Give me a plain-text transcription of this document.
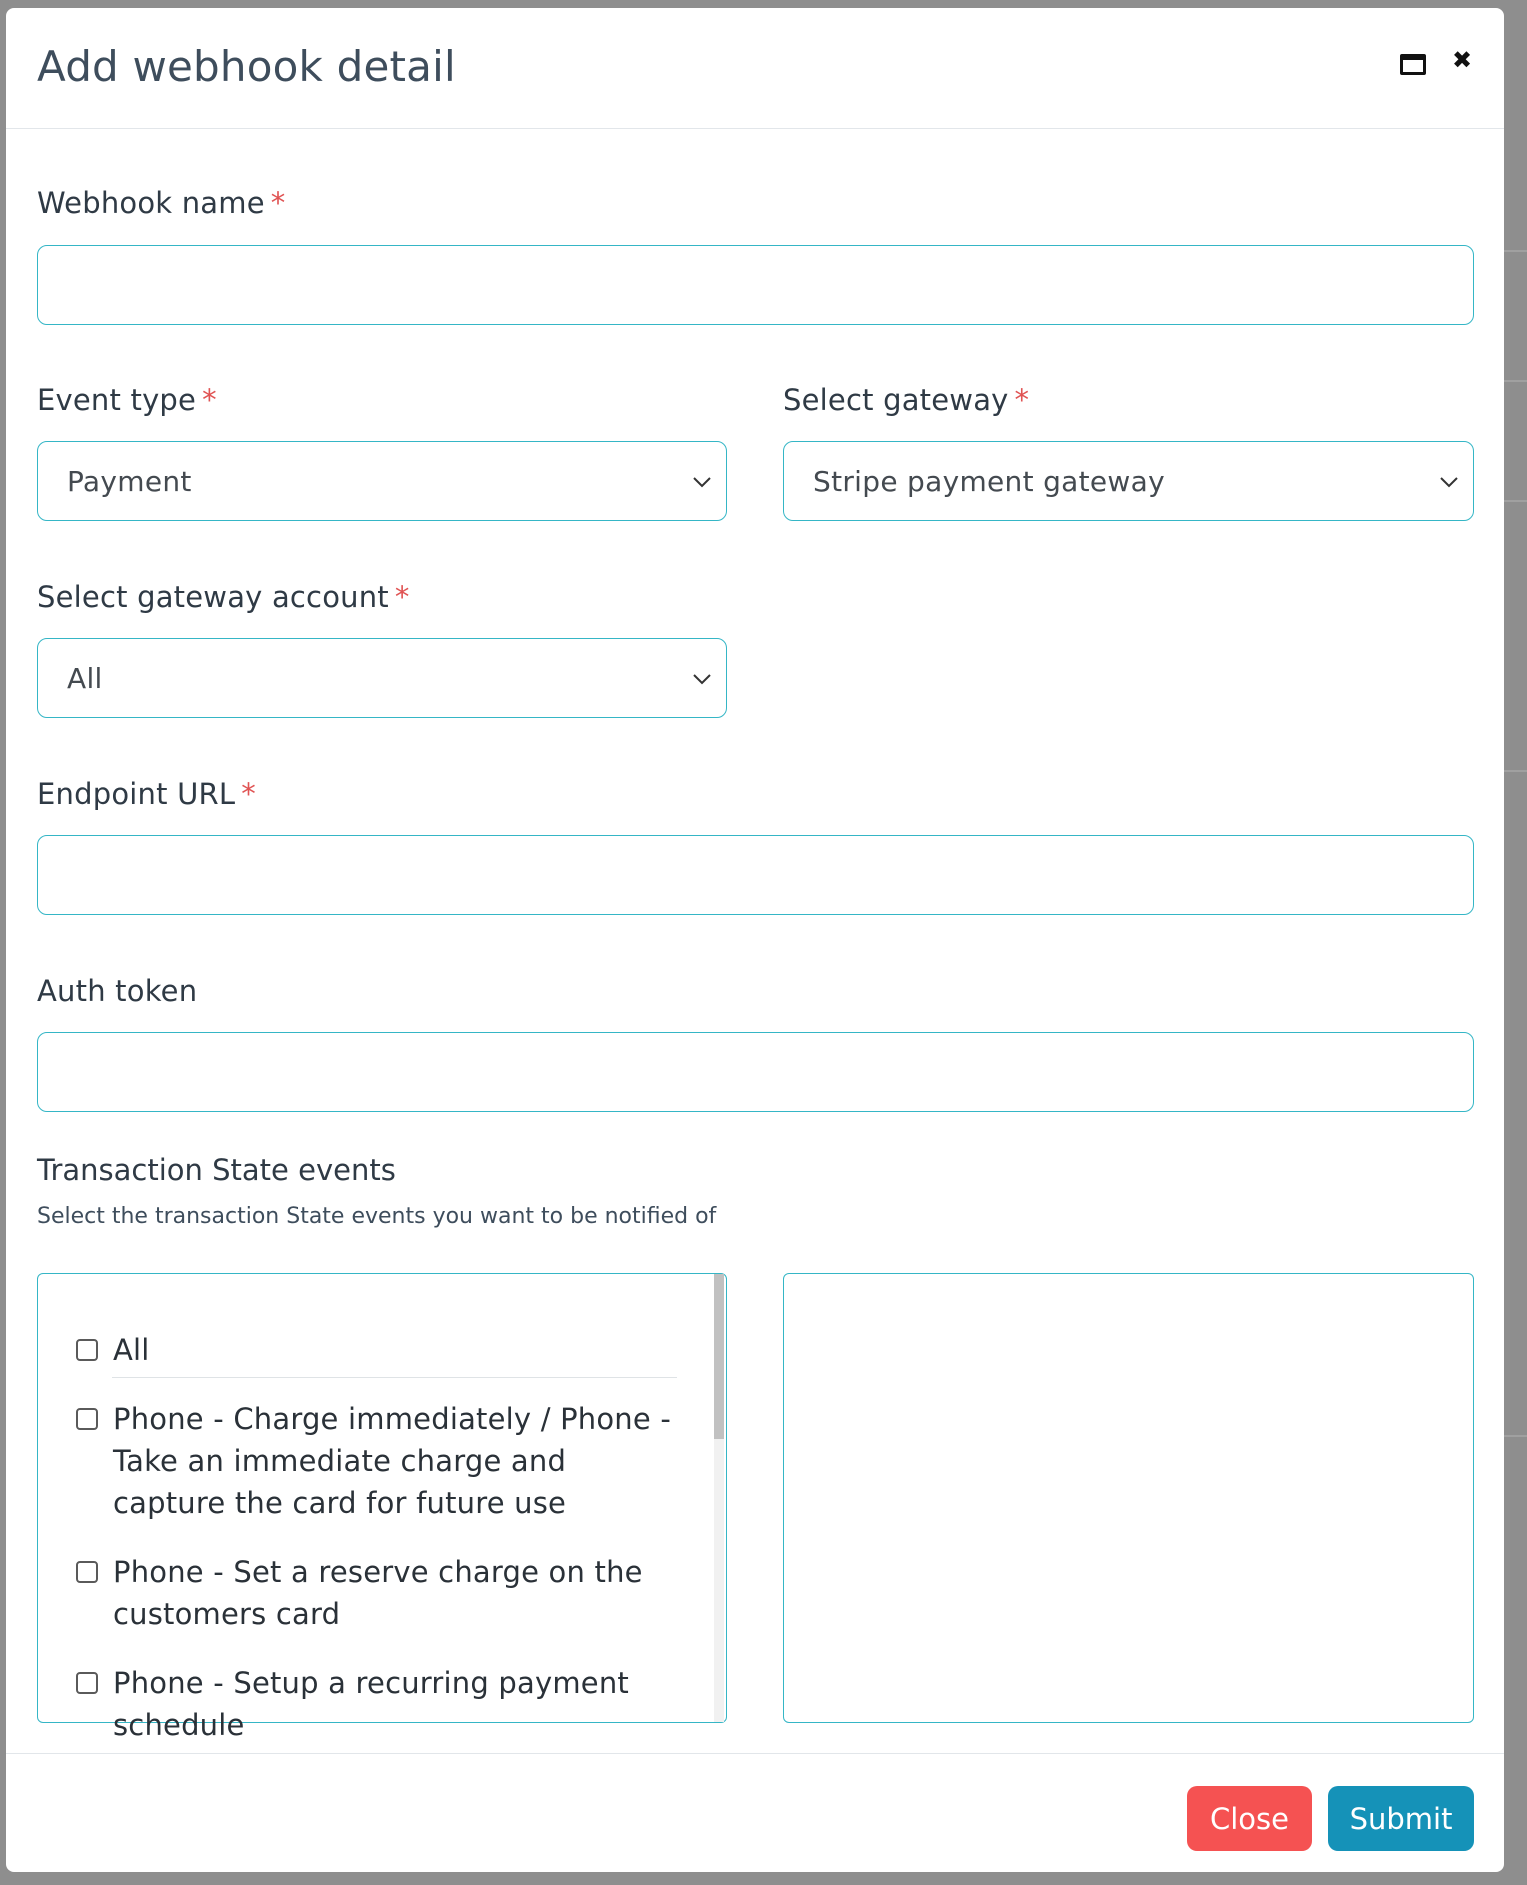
Add webhook detail	✖
Webhook name *
Event type *
Payment
Select gateway *
Stripe payment gateway
Select gateway account *
All
Endpoint URL *
Auth token
Transaction State events
Select the transaction State events you want to be notified of
All
Phone - Charge immediately / Phone - Take an immediate charge and capture the card for future use
Phone - Set a reserve charge on the customers card
Phone - Setup a recurring payment schedule
Close	Submit
